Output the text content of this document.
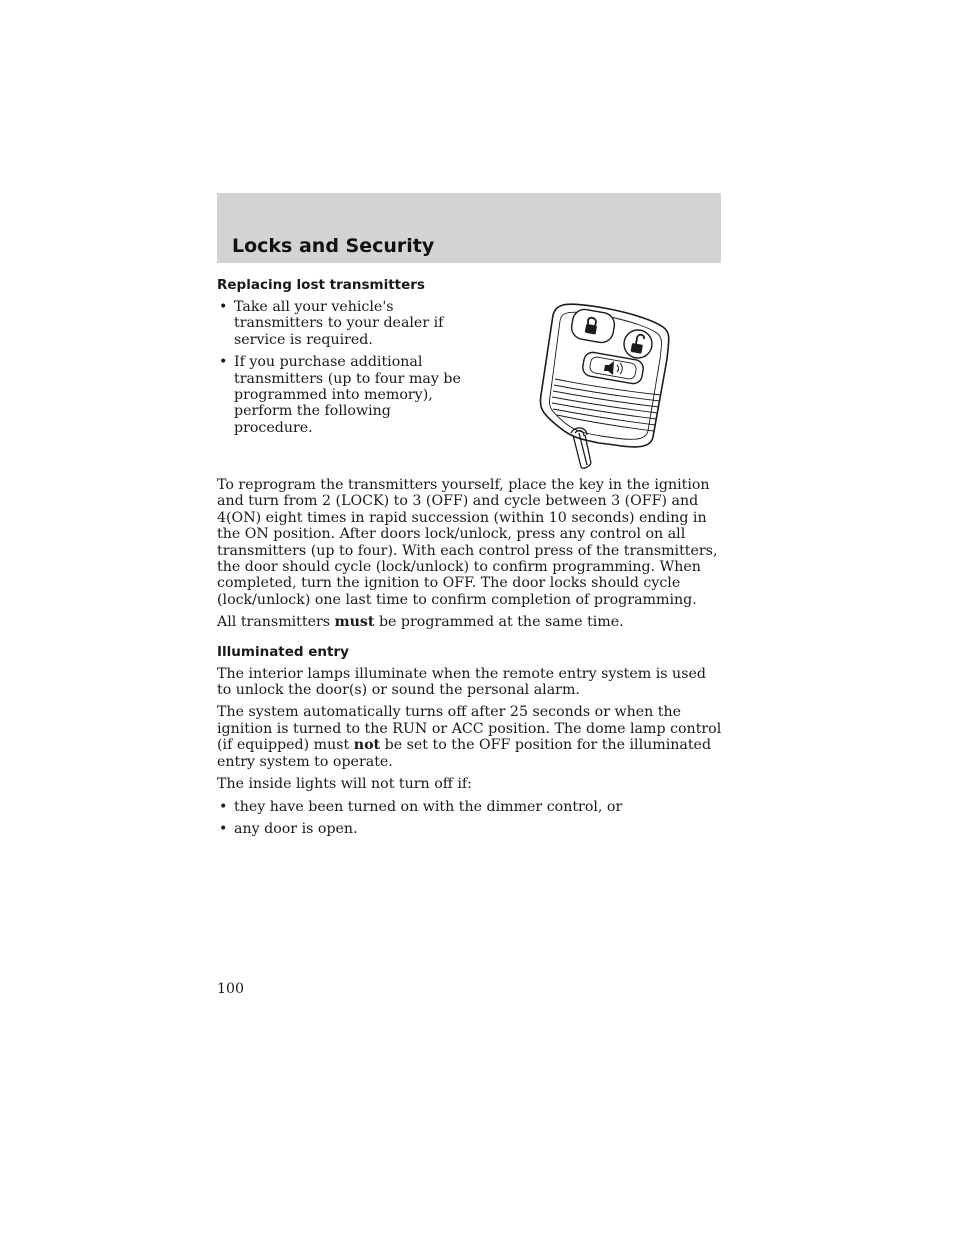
Locks and Security
Replacing lost transmitters
• Take all your vehicle's transmitters to your dealer if service is required.
• If you purchase additional transmitters (up to four may be programmed into memory), perform the following procedure.

To reprogram the transmitters yourself, place the key in the ignition and turn from 2 (LOCK) to 3 (OFF) and cycle between 3 (OFF) and 4(ON) eight times in rapid succession (within 10 seconds) ending in the ON position. After doors lock/unlock, press any control on all transmitters (up to four). With each control press of the transmitters, the door should cycle (lock/unlock) to confirm programming. When completed, turn the ignition to OFF. The door locks should cycle (lock/unlock) one last time to confirm completion of programming.

All transmitters must be programmed at the same time.

Illuminated entry

The interior lamps illuminate when the remote entry system is used to unlock the door(s) or sound the personal alarm.

The system automatically turns off after 25 seconds or when the ignition is turned to the RUN or ACC position. The dome lamp control (if equipped) must not be set to the OFF position for the illuminated entry system to operate.

The inside lights will not turn off if:

• they have been turned on with the dimmer control, or
• any door is open.
100
